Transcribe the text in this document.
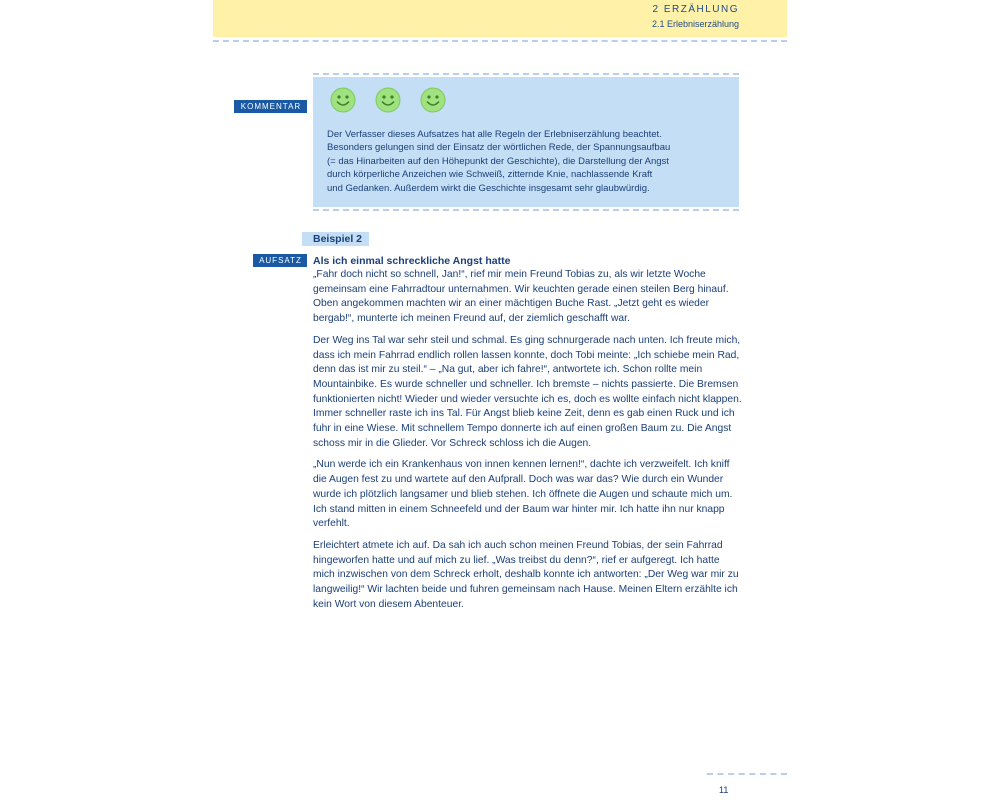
2 ERZÄHLUNG
2.1 Erlebniserzählung
KOMMENTAR
Der Verfasser dieses Aufsatzes hat alle Regeln der Erlebniserzählung beachtet.
Besonders gelungen sind der Einsatz der wörtlichen Rede, der Spannungsaufbau
(= das Hinarbeiten auf den Höhepunkt der Geschichte), die Darstellung der Angst
durch körperliche Anzeichen wie Schweiß, zitternde Knie, nachlassende Kraft
und Gedanken. Außerdem wirkt die Geschichte insgesamt sehr glaubwürdig.
Beispiel 2
AUFSATZ	Als ich einmal schreckliche Angst hatte

„Fahr doch nicht so schnell, Jan!“, rief mir mein Freund Tobias zu, als wir letzte Woche gemeinsam eine Fahrradtour unternahmen. Wir keuchten gerade einen steilen Berg hinauf. Oben angekommen machten wir an einer mächtigen Buche Rast. „Jetzt geht es wieder bergab!“, munterte ich meinen Freund auf, der ziemlich geschafft war.

Der Weg ins Tal war sehr steil und schmal. Es ging schnurgerade nach unten. Ich freute mich, dass ich mein Fahrrad endlich rollen lassen konnte, doch Tobi meinte: „Ich schiebe mein Rad, denn das ist mir zu steil.“ – „Na gut, aber ich fahre!“, antwortete ich. Schon rollte mein Mountainbike. Es wurde schneller und schneller. Ich bremste – nichts passierte. Die Bremsen funktionierten nicht! Wieder und wieder versuchte ich es, doch es wollte einfach nicht klappen. Immer schneller raste ich ins Tal. Für Angst blieb keine Zeit, denn es gab einen Ruck und ich fuhr in eine Wiese. Mit schnellem Tempo donnerte ich auf einen großen Baum zu. Die Angst schoss mir in die Glieder. Vor Schreck schloss ich die Augen.

„Nun werde ich ein Krankenhaus von innen kennen lernen!“, dachte ich verzweifelt. Ich kniff die Augen fest zu und wartete auf den Aufprall. Doch was war das? Wie durch ein Wunder wurde ich plötzlich langsamer und blieb stehen. Ich öffnete die Augen und schaute mich um. Ich stand mitten in einem Schneefeld und der Baum war hinter mir. Ich hatte ihn nur knapp verfehlt.

Erleichtert atmete ich auf. Da sah ich auch schon meinen Freund Tobias, der sein Fahrrad hingeworfen hatte und auf mich zu lief. „Was treibst du denn?“, rief er aufgeregt. Ich hatte mich inzwischen von dem Schreck erholt, deshalb konnte ich antworten: „Der Weg war mir zu langweilig!“ Wir lachten beide und fuhren gemeinsam nach Hause. Meinen Eltern erzählte ich kein Wort von diesem Abenteuer.

11
